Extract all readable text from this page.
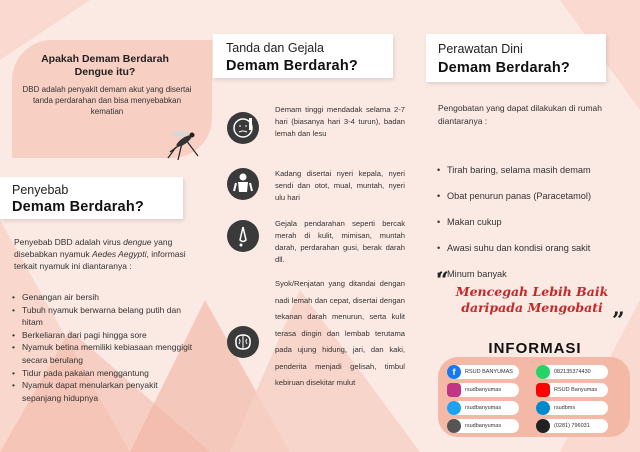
Apakah Demam Berdarah Dengue itu?
DBD adalah penyakit demam akut yang disertai tanda perdarahan dan bisa menyebabkan kematian
Penyebab
Demam Berdarah?
Penyebab DBD adalah virus dengue yang disebabkan nyamuk Aedes Aegypti, informasi terkait nyamuk ini diantaranya :
• Genangan air bersih
• Tubuh nyamuk berwarna belang putih dan hitam
• Berkeliaran dari pagi hingga sore
• Nyamuk betina memiliki kebiasaan menggigit secara berulang
• Tidur pada pakaian menggantung
• Nyamuk dapat menularkan penyakit sepanjang hidupnya
Tanda dan Gejala
Demam Berdarah?
Demam tinggi mendadak selama 2-7 hari (biasanya hari 3-4 turun), badan lemah dan lesu
Kadang disertai nyeri kepala, nyeri sendi dan otot, mual, muntah, nyeri ulu hari
Gejala pendarahan seperti bercak merah di kulit, mimisan, muntah darah, perdarahan gusi, berak darah dll.
Syok/Renjatan yang ditandai dengan nadi lemah dan cepat, disertai dengan tekanan darah menurun, serta kulit terasa dingin dan lembab terutama pada ujung hidung, jari, dan kaki, penderita menjadi gelisah, timbul kebiruan disekitar mulut
Perawatan Dini
Demam Berdarah?
Pengobatan yang dapat dilakukan di rumah diantaranya :
• Tirah baring, selama masih demam
• Obat penurun panas (Paracetamol)
• Makan cukup
• Awasi suhu dan kondisi orang sakit
• Minum banyak
“ Mencegah Lebih Baik
daripada Mengobati
”
INFORMASI
f	RSUD BANYUMAS	082135374430
rsudbanyumas	RSUD Banyumas
rsudbanyumas	rsudbms
rsudbanyumas	(0281) 796031
